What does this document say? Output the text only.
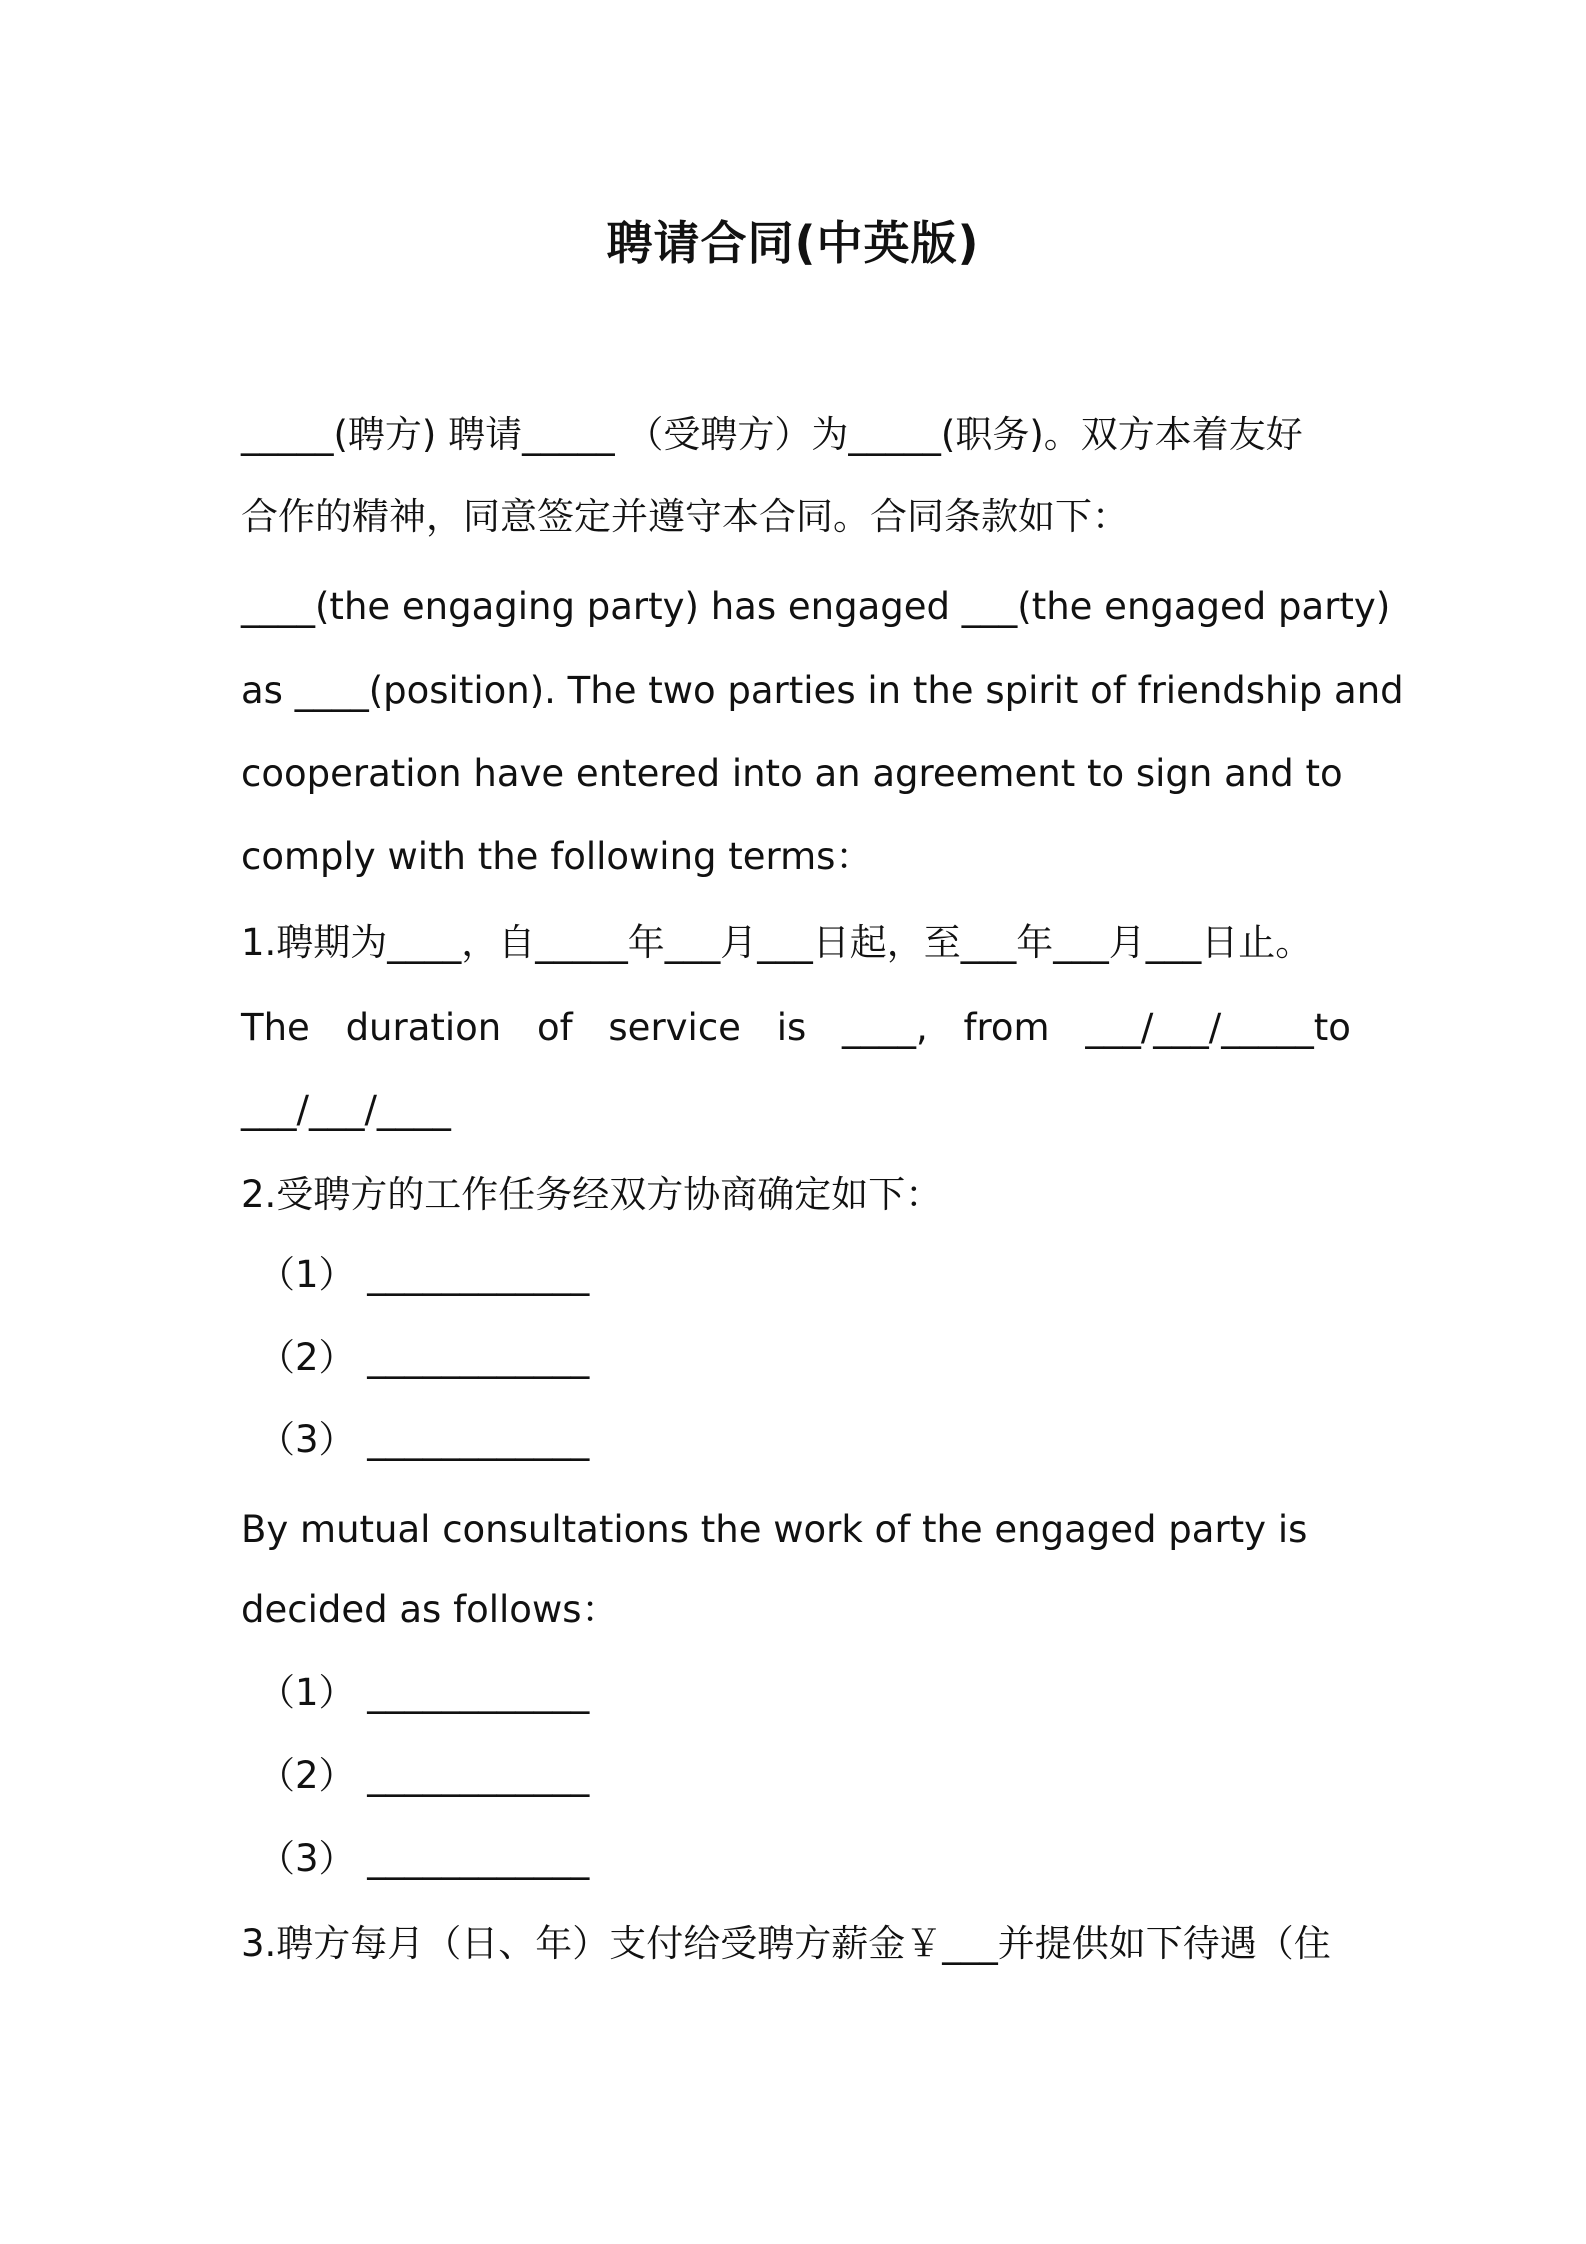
聘请合同(中英版)
_____(聘方) 聘请_____ （受聘方）为_____(职务)。双方本着友好
合作的精神，同意签定并遵守本合同。合同条款如下：
____(the engaging party) has engaged ___(the engaged party)
as ____(position). The two parties in the spirit of friendship and
cooperation have entered into an agreement to sign and to
comply with the following terms：
1.聘期为____，自_____年___月___日起，至___年___月___日止。
The duration of service is ____, from ___/___/_____to
___/___/____
2.受聘方的工作任务经双方协商确定如下：
（1） ____________
（2） ____________
（3） ____________
By mutual consultations the work of the engaged party is
decided as follows：
（1） ____________
（2） ____________
（3） ____________
3.聘方每月（日、年）支付给受聘方薪金￥___并提供如下待遇（住
